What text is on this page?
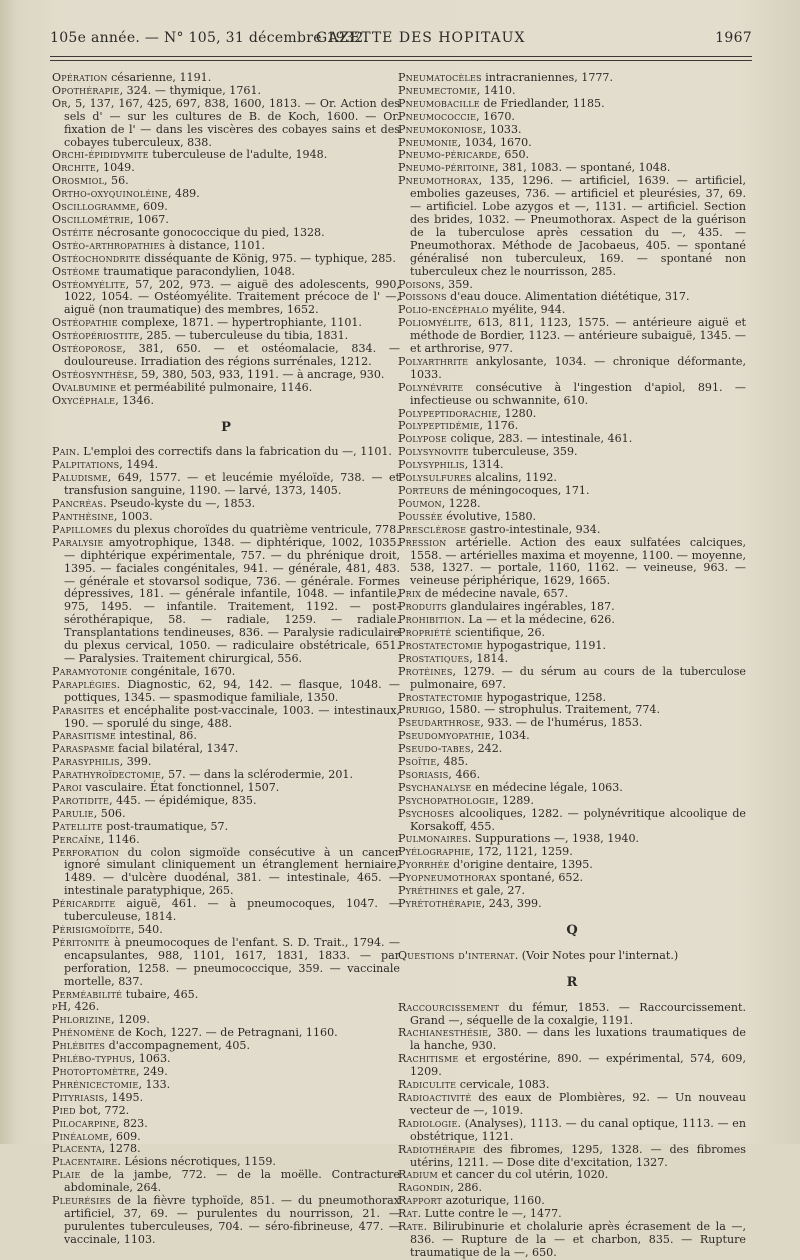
105e année. — N° 105, 31 décembre 1932.
GAZETTE DES HOPITAUX	1967

Opération césarienne, 1191.

Opothérapie, 324. — thymique, 1761.

Or, 5, 137, 167, 425, 697, 838, 1600, 1813. — Or. Action des sels d' — sur les cultures de B. de Koch, 1600. — Or. fixation de l' — dans les viscères des cobayes sains et des cobayes tuberculeux, 838.

Orchi-épididymite tuberculeuse de l'adulte, 1948.

Orchite, 1049.

Orosmiol, 56.

Ortho-oxyquinoléine, 489.

Oscillogramme, 609.

Oscillométrie, 1067.

Ostéite nécrosante gonococcique du pied, 1328.

Ostéo-arthropathies à distance, 1101.

Ostéochondrite disséquante de König, 975. — typhique, 285.

Ostéome traumatique paracondylien, 1048.

Ostéomyélite, 57, 202, 973. — aiguë des adolescents, 990, 1022, 1054. — Ostéomyélite. Traitement précoce de l' —, aiguë (non traumatique) des membres, 1652.

Ostéopathie complexe, 1871. — hypertrophiante, 1101.

Ostéopériostite, 285. — tuberculeuse du tibia, 1831.

Ostéoporose, 381, 650. — et ostéomalacie, 834. — douloureuse. Irradiation des régions surrénales, 1212.

Ostéosynthèse, 59, 380, 503, 933, 1191. — à ancrage, 930.

Ovalbumine et perméabilité pulmonaire, 1146.

Oxycéphale, 1346.

P

Pain. L'emploi des correctifs dans la fabrication du —, 1101.

Palpitations, 1494.

Paludisme, 649, 1577. — et leucémie myéloïde, 738. — et transfusion sanguine, 1190. — larvé, 1373, 1405.

Pancréas. Pseudo-kyste du —, 1853.

Panthésine, 1003.

Papillomes du plexus choroïdes du quatrième ventricule, 778.

Paralysie amyotrophique, 1348. — diphtérique, 1002, 1035. — diphtérique expérimentale, 757. — du phrénique droit, 1395. — faciales congénitales, 941. — générale, 481, 483. — générale et stovarsol sodique, 736. — générale. Formes dépressives, 181. — générale infantile, 1048. — infantile, 975, 1495. — infantile. Traitement, 1192. — post-sérothérapique, 58. — radiale, 1259. — radiale. Transplantations tendineuses, 836. — Paralysie radiculaire du plexus cervical, 1050. — radiculaire obstétricale, 651. — Paralysies. Traitement chirurgical, 556.

Paramyotonie congénitale, 1670.

Paraplégies. Diagnostic, 62, 94, 142. — flasque, 1048. — pottiques, 1345. — spasmodique familiale, 1350.

Parasites et encéphalite post-vaccinale, 1003. — intestinaux, 190. — sporulé du singe, 488.

Parasitisme intestinal, 86.

Paraspasme facial bilatéral, 1347.

Parasyphilis, 399.

Parathyroïdectomie, 57. — dans la sclérodermie, 201.

Paroi vasculaire. État fonctionnel, 1507.

Parotidite, 445. — épidémique, 835.

Parulie, 506.

Patellite post-traumatique, 57.

Percaïne, 1146.

Perforation du colon sigmoïde consécutive à un cancer ignoré simulant cliniquement un étranglement herniaire, 1489. — d'ulcère duodénal, 381. — intestinale, 465. — intestinale paratyphique, 265.

Péricardite aiguë, 461. — à pneumocoques, 1047. — tuberculeuse, 1814.

Périsigmoïdite, 540.

Péritonite à pneumocoques de l'enfant. S. D. Trait., 1794. — encapsulantes, 988, 1101, 1617, 1831, 1833. — par perforation, 1258. — pneumococcique, 359. — vaccinale mortelle, 837.

Perméabilité tubaire, 465.

pH, 426.

Phlorizine, 1209.

Phénomène de Koch, 1227. — de Petragnani, 1160.

Phlébites d'accompagnement, 405.

Phlébo-typhus, 1063.

Photoptomètre, 249.

Phrénicectomie, 133.

Pityriasis, 1495.

Pied bot, 772.

Pilocarpine, 823.

Pinéalome, 609.

Placenta, 1278.

Placentaire. Lésions nécrotiques, 1159.

Plaie de la jambe, 772. — de la moëlle. Contracture abdominale, 264.

Pleurésies de la fièvre typhoïde, 851. — du pneumothorax artificiel, 37, 69. — purulentes du nourrisson, 21. — purulentes tuberculeuses, 704. — séro-fibrineuse, 477. — vaccinale, 1103.

Pneumatocèles intracraniennes, 1777.

Pneumectomie, 1410.

Pneumobacille de Friedlander, 1185.

Pneumococcie, 1670.

Pneumokoniose, 1033.

Pneumonie, 1034, 1670.

Pneumo-péricarde, 650.

Pneumo-péritoine, 381, 1083. — spontané, 1048.

Pneumothorax, 135, 1296. — artificiel, 1639. — artificiel, embolies gazeuses, 736. — artificiel et pleurésies, 37, 69. — artificiel. Lobe azygos et —, 1131. — artificiel. Section des brides, 1032. — Pneumothorax. Aspect de la guérison de la tuberculose après cessation du —, 435. — Pneumothorax. Méthode de Jacobaeus, 405. — spontané généralisé non tuberculeux, 169. — spontané non tuberculeux chez le nourrisson, 285.

Poisons, 359.

Poissons d'eau douce. Alimentation diététique, 317.

Polio-encéphalo myélite, 944.

Poliomyélite, 613, 811, 1123, 1575. — antérieure aiguë et méthode de Bordier, 1123. — antérieure subaiguë, 1345. — et arthrorise, 977.

Polyarthrite ankylosante, 1034. — chronique déformante, 1033.

Polynévrite consécutive à l'ingestion d'apiol, 891. — infectieuse ou schwannite, 610.

Polypeptidorachie, 1280.

Polypeptidémie, 1176.

Polypose colique, 283. — intestinale, 461.

Polysynovite tuberculeuse, 359.

Polysyphilis, 1314.

Polysulfures alcalins, 1192.

Porteurs de méningocoques, 171.

Poumon, 1228.

Poussée évolutive, 1580.

Presclérose gastro-intestinale, 934.

Pression artérielle. Action des eaux sulfatées calciques, 1558. — artérielles maxima et moyenne, 1100. — moyenne, 538, 1327. — portale, 1160, 1162. — veineuse, 963. — veineuse périphérique, 1629, 1665.

Prix de médecine navale, 657.

Produits glandulaires ingérables, 187.

Prohibition. La — et la médecine, 626.

Propriété scientifique, 26.

Prostatectomie hypogastrique, 1191.

Prostatiques, 1814.

Protéines, 1279. — du sérum au cours de la tuberculose pulmonaire, 697.

Prostatectomie hypogastrique, 1258.

Prurigo, 1580. — strophulus. Traitement, 774.

Pseudarthrose, 933. — de l'humérus, 1853.

Pseudomyopathie, 1034.

Pseudo-tabes, 242.

Psoïtie, 485.

Psoriasis, 466.

Psychanalyse en médecine légale, 1063.

Psychopathologie, 1289.

Psychoses alcooliques, 1282. — polynévritique alcoolique de Korsakoff, 455.

Pulmonaires. Suppurations —, 1938, 1940.

Pyélographie, 172, 1121, 1259.

Pyorrhée d'origine dentaire, 1395.

Pyopneumothorax spontané, 652.

Pyréthines et gale, 27.

Pyrétothérapie, 243, 399.

Q

Questions d'internat. (Voir Notes pour l'internat.)

R

Raccourcissement du fémur, 1853. — Raccourcissement. Grand —, séquelle de la coxalgie, 1191.

Rachianesthésie, 380. — dans les luxations traumatiques de la hanche, 930.

Rachitisme et ergostérine, 890. — expérimental, 574, 609, 1209.

Radiculite cervicale, 1083.

Radioactivité des eaux de Plombières, 92. — Un nouveau vecteur de —, 1019.

Radiologie. (Analyses), 1113. — du canal optique, 1113. — en obstétrique, 1121.

Radiothérapie des fibromes, 1295, 1328. — des fibromes utérins, 1211. — Dose dite d'excitation, 1327.

Radium et cancer du col utérin, 1020.

Ragondin, 286.

Rapport azoturique, 1160.

Rat. Lutte contre le —, 1477.

Rate. Bilirubinurie et cholalurie après écrasement de la —, 836. — Rupture de la — et charbon, 835. — Rupture traumatique de la —, 650.
